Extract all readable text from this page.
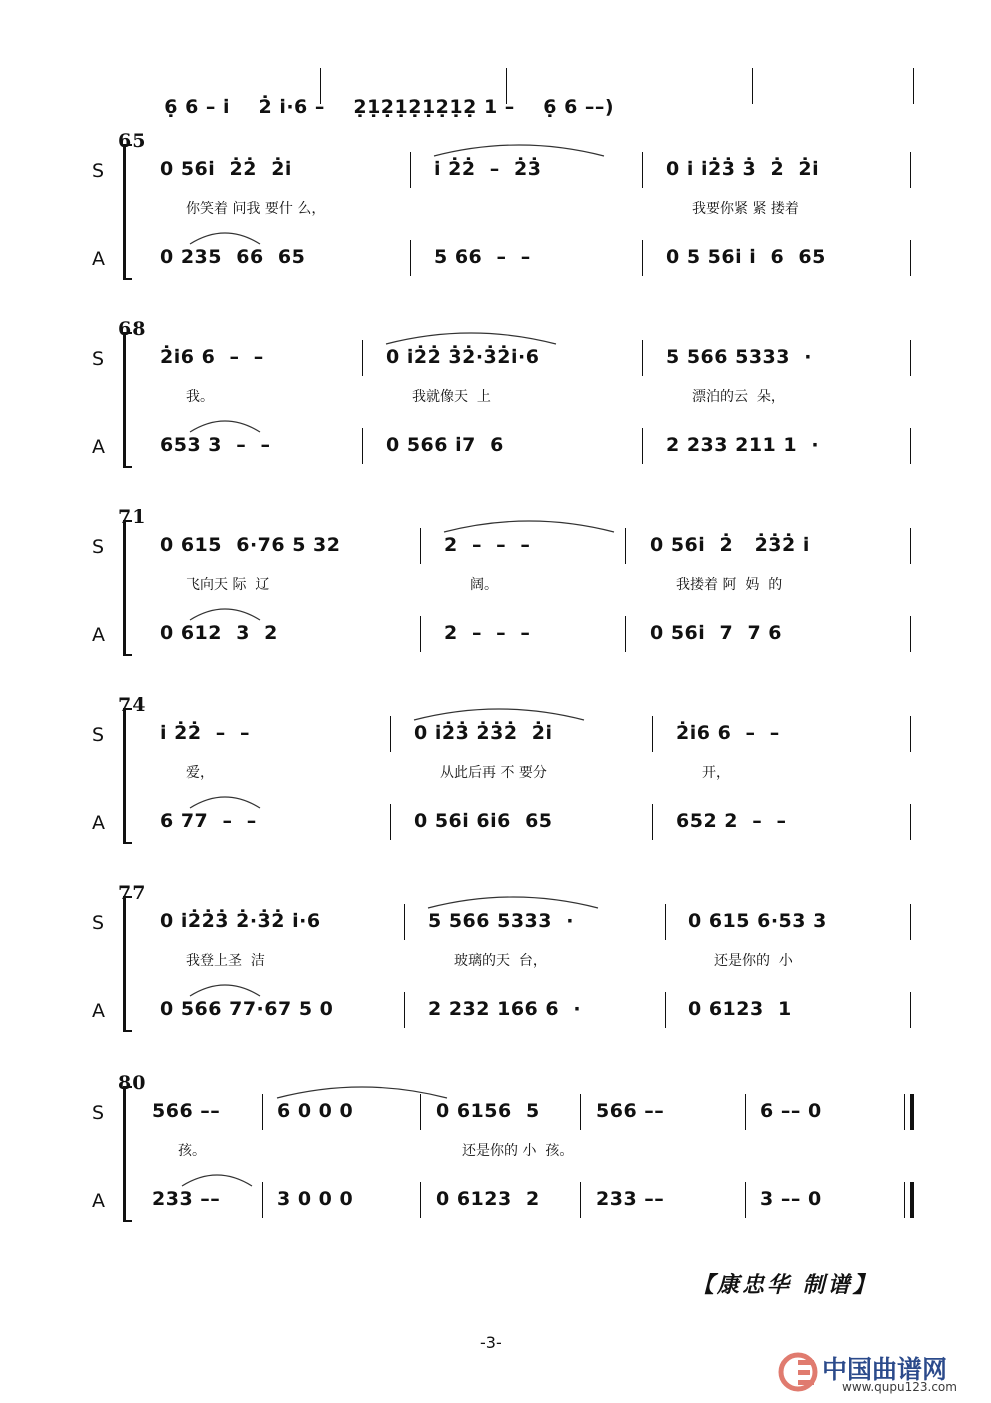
6̣ 6 – i̇    2̇ i̇·6 –    2̣1̣2̣1̣2̣1̣2̣1̣2̣ 1 –    6̣ 6 ––)

65
S
A
0 56i̇  2̇2̇  2̇i̇	i̇ 2̇2̇  –  2̇3̇	0 i̇ i̇2̇3̇ 3̇  2̇  2̇i̇
你笑着 问我 要什 么，	我要你紧 紧 搂着
0 235  66  65	5 66  –  –	0 5 56i̇ i̇  6  65
68
S
A
2̇i̇6 6  –  –	0 i̇2̇2̇ 3̇2̇·3̇2̇i̇·6	5 566 5333  ·
我。	我就像天  上	漂泊的云  朵，
653 3  –  –	0 566 i̇7  6	2 233 211 1  ·
71
S
A
0 615  6·76 5 32	2  –  –  –	0 56i̇  2̇   2̇3̇2̇ i̇
飞向天 际  辽	阔。	我搂着 阿  妈  的
0 612  3  2	2  –  –  –	0 56i̇  7  7 6
74
S
A
i̇ 2̇2̇  –  –	0 i̇2̇3̇ 2̇3̇2̇  2̇i̇	2̇i̇6 6  –  –
爱，	从此后再 不 要分	开，
6 77  –  –	0 56i̇ 6i̇6  65	652 2  –  –
77
S
A
0 i̇2̇2̇3̇ 2̇·3̇2̇ i̇·6	5 566 5333  ·	0 615 6·53 3
我登上圣  洁	玻璃的天  台，	还是你的  小
0 566 77·67 5 0	2 232 166 6  ·	0 6123  1
80
S
A
566 ––	6 0 0 0	0 6156  5	566 ––	6 –– 0
孩。	还是你的 小  孩。
233 ––	3 0 0 0	0 6123  2	233 ––	3 –– 0
【康忠华 制谱】
-3-
中国曲谱网
www.qupu123.com
